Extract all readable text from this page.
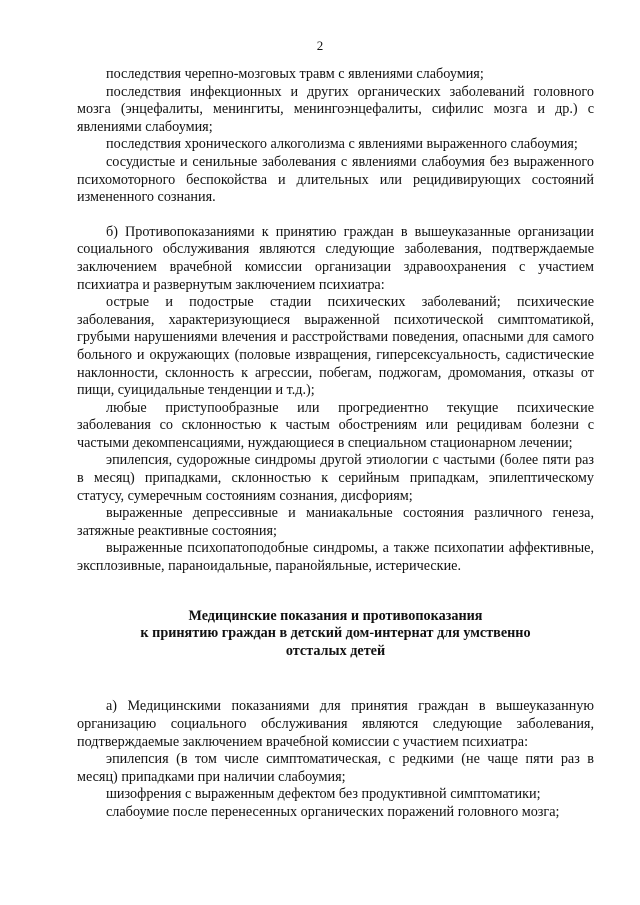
2

последствия черепно-мозговых травм с явлениями слабоумия;

последствия инфекционных и других органических заболеваний головного мозга (энцефалиты, менингиты, менингоэнцефалиты, сифилис мозга и др.) с явлениями слабоумия;

последствия хронического алкоголизма с явлениями выраженного слабоумия;

сосудистые и сенильные заболевания с явлениями слабоумия без выраженного психомоторного беспокойства и длительных или рецидивирующих состояний измененного сознания.

б) Противопоказаниями к принятию граждан в вышеуказанные организации социального обслуживания являются следующие заболевания, подтверждаемые заключением врачебной комиссии организации здравоохранения с участием психиатра и развернутым заключением психиатра:

острые и подострые стадии психических заболеваний; психические заболевания, характеризующиеся выраженной психотической симптоматикой, грубыми нарушениями влечения и расстройствами поведения, опасными для самого больного и окружающих (половые извращения, гиперсексуальность, садистические наклонности, склонность к агрессии, побегам, поджогам, дромомания, отказы от пищи, суицидальные тенденции и т.д.);

любые приступообразные или прогредиентно текущие психические заболевания со склонностью к частым обострениям или рецидивам болезни с частыми декомпенсациями, нуждающиеся в специальном стационарном лечении;

эпилепсия, судорожные синдромы другой этиологии с частыми (более пяти раз в месяц) припадками, склонностью к серийным припадкам, эпилептическому статусу, сумеречным состояниям сознания, дисфориям;

выраженные депрессивные и маниакальные состояния различного генеза, затяжные реактивные состояния;

выраженные психопатоподобные синдромы, а также психопатии аффективные, эксплозивные, параноидальные, паранойяльные, истерические.

Медицинские показания и противопоказания
к принятию граждан в детский дом-интернат для умственно
отсталых детей

а) Медицинскими показаниями для принятия граждан в вышеуказанную организацию социального обслуживания являются следующие заболевания, подтверждаемые заключением врачебной комиссии с участием психиатра:

эпилепсия (в том числе симптоматическая, с редкими (не чаще пяти раз в месяц) припадками при наличии слабоумия;

шизофрения с выраженным дефектом без продуктивной симптоматики;

слабоумие после перенесенных органических поражений головного мозга;
